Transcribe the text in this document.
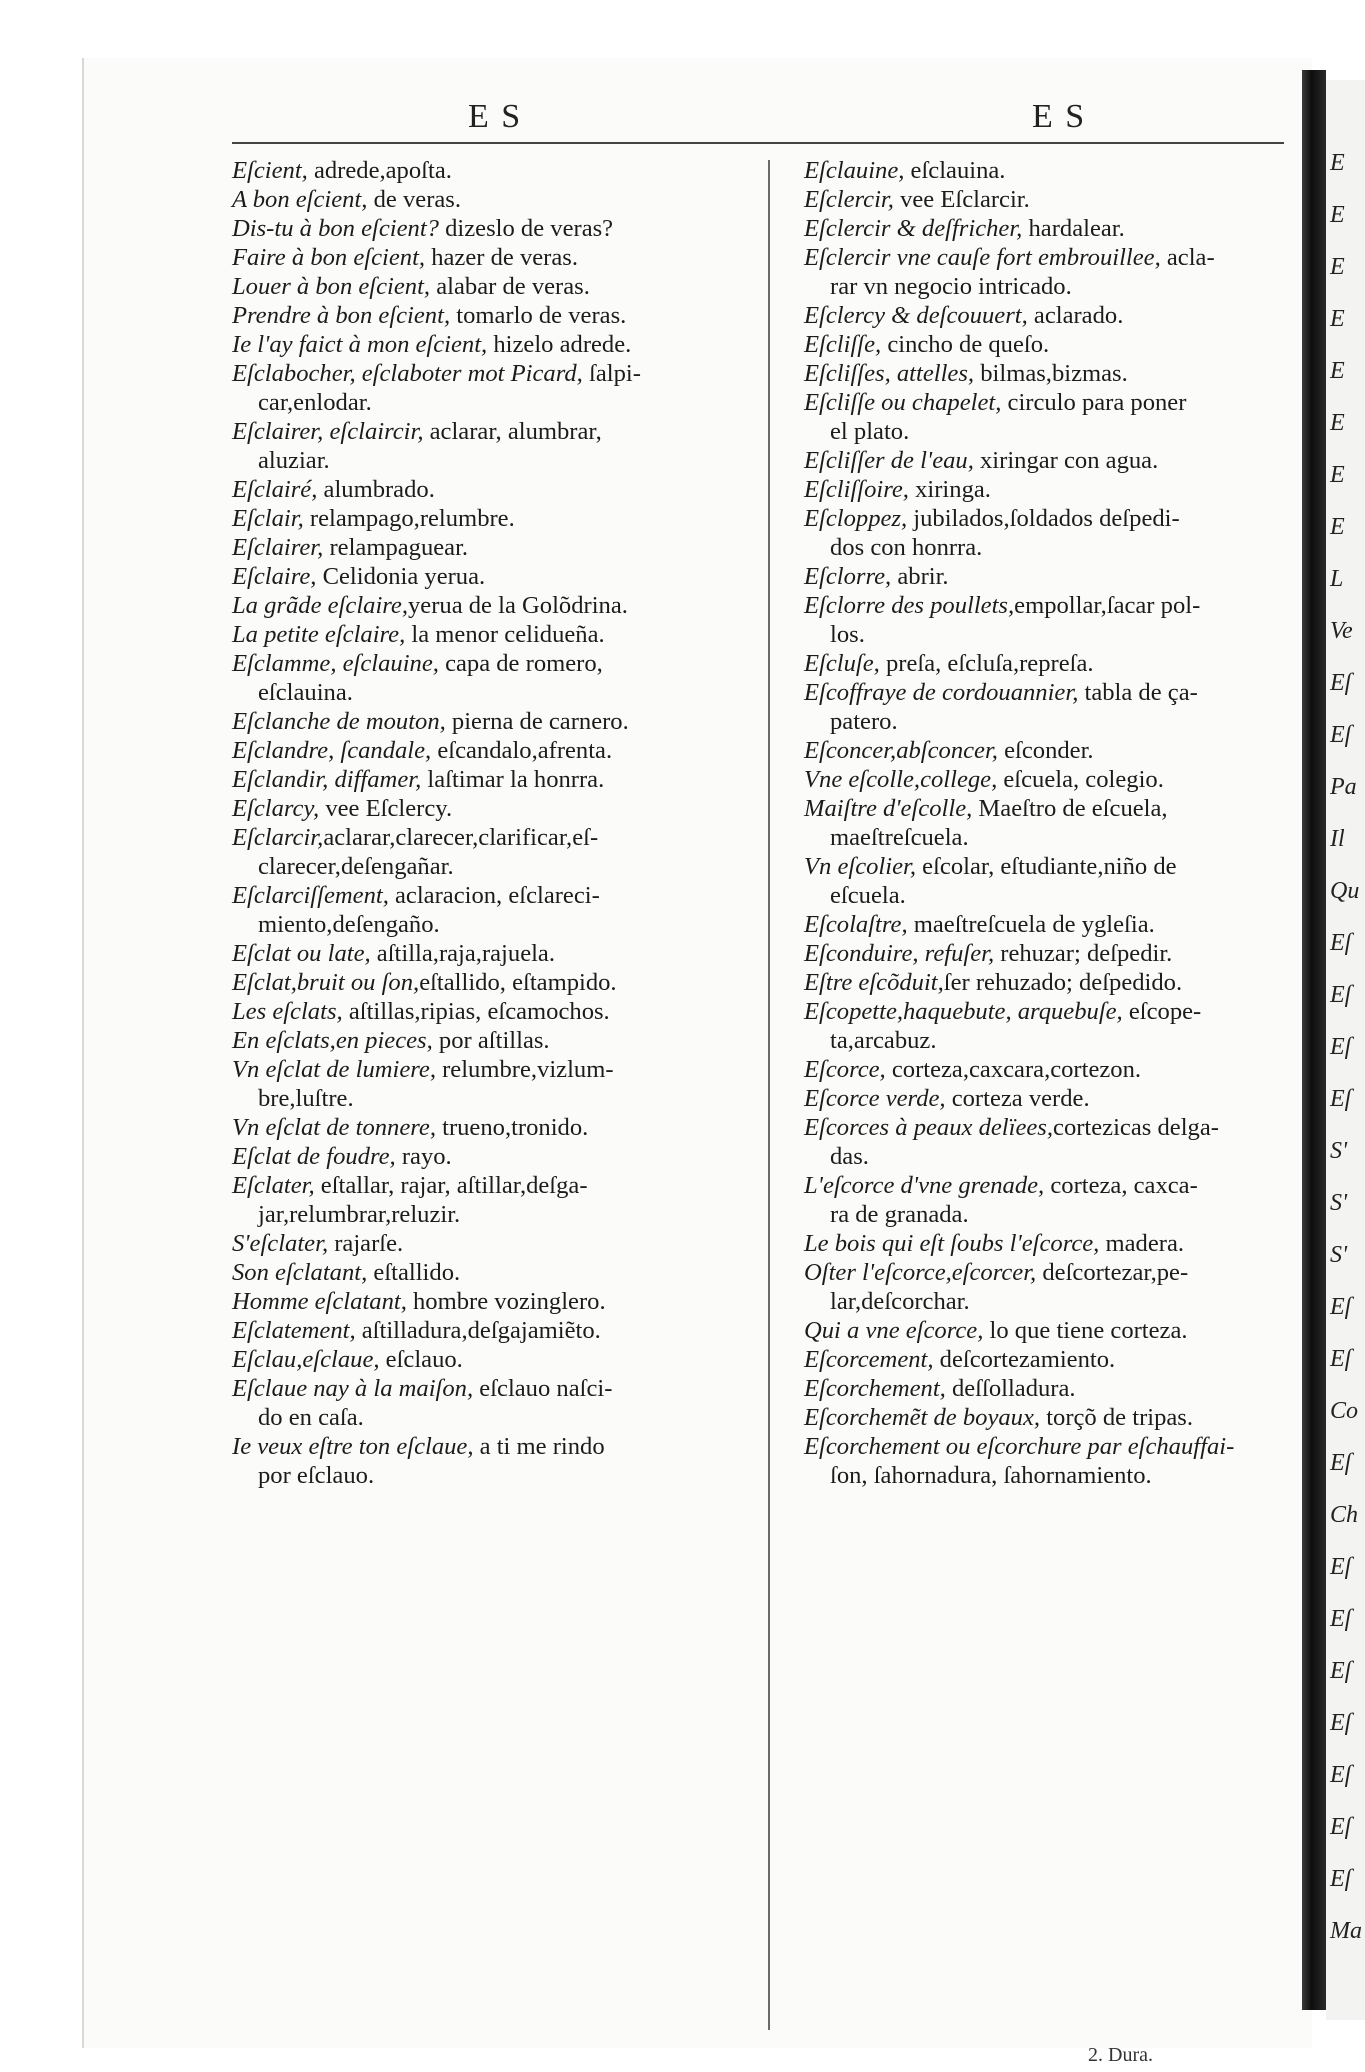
E S	E S

Eſcient, adrede,apoſta.

A bon eſcient, de veras.

Dis-tu à bon eſcient? dizeslo de veras?

Faire à bon eſcient, hazer de veras.

Louer à bon eſcient, alabar de veras.

Prendre à bon eſcient, tomarlo de veras.

Ie l'ay faict à mon eſcient, hizelo adrede.

Eſclabocher, eſclaboter mot Picard, ſalpi-

car,enlodar.

Eſclairer, eſclaircir, aclarar, alumbrar,

aluziar.

Eſclairé, alumbrado.

Eſclair, relampago,relumbre.

Eſclairer, relampaguear.

Eſclaire, Celidonia yerua.

La grãde eſclaire,yerua de la Golõdrina.

La petite eſclaire, la menor celidueña.

Eſclamme, eſclauine, capa de romero,

eſclauina.

Eſclanche de mouton, pierna de carnero.

Eſclandre, ſcandale, eſcandalo,afrenta.

Eſclandir, diffamer, laſtimar la honrra.

Eſclarcy, vee Eſclercy.

Eſclarcir,aclarar,clarecer,clarificar,eſ-

clarecer,deſengañar.

Eſclarciſſement, aclaracion, eſclareci-

miento,deſengaño.

Eſclat ou late, aſtilla,raja,rajuela.

Eſclat,bruit ou ſon,eſtallido, eſtampido.

Les eſclats, aſtillas,ripias, eſcamochos.

En eſclats,en pieces, por aſtillas.

Vn eſclat de lumiere, relumbre,vizlum-

bre,luſtre.

Vn eſclat de tonnere, trueno,tronido.

Eſclat de foudre, rayo.

Eſclater, eſtallar, rajar, aſtillar,deſga-

jar,relumbrar,reluzir.

S'eſclater, rajarſe.

Son eſclatant, eſtallido.

Homme eſclatant, hombre vozinglero.

Eſclatement, aſtilladura,deſgajamiẽto.

Eſclau,eſclaue, eſclauo.

Eſclaue nay à la maiſon, eſclauo naſci-

do en caſa.

Ie veux eſtre ton eſclaue, a ti me rindo

por eſclauo.

Eſclauine, eſclauina.

Eſclercir, vee Eſclarcir.

Eſclercir & deſfricher, hardalear.

Eſclercir vne cauſe fort embrouillee, acla-

rar vn negocio intricado.

Eſclercy & deſcouuert, aclarado.

Eſcliſſe, cincho de queſo.

Eſcliſſes, attelles, bilmas,bizmas.

Eſcliſſe ou chapelet, circulo para poner

el plato.

Eſcliſſer de l'eau, xiringar con agua.

Eſcliſſoire, xiringa.

Eſcloppez, jubilados,ſoldados deſpedi-

dos con honrra.

Eſclorre, abrir.

Eſclorre des poullets,empollar,ſacar pol-

los.

Eſcluſe, preſa, eſcluſa,repreſa.

Eſcoffraye de cordouannier, tabla de ça-

patero.

Eſconcer,abſconcer, eſconder.

Vne eſcolle,college, eſcuela, colegio.

Maiſtre d'eſcolle, Maeſtro de eſcuela,

maeſtreſcuela.

Vn eſcolier, eſcolar, eſtudiante,niño de

eſcuela.

Eſcolaſtre, maeſtreſcuela de ygleſia.

Eſconduire, refuſer, rehuzar; deſpedir.

Eſtre eſcõduit,ſer rehuzado; deſpedido.

Eſcopette,haquebute, arquebuſe, eſcope-

ta,arcabuz.

Eſcorce, corteza,caxcara,cortezon.

Eſcorce verde, corteza verde.

Eſcorces à peaux delïees,cortezicas delga-

das.

L'eſcorce d'vne grenade, corteza, caxca-

ra de granada.

Le bois qui eſt ſoubs l'eſcorce, madera.

Oſter l'eſcorce,eſcorcer, deſcortezar,pe-

lar,deſcorchar.

Qui a vne eſcorce, lo que tiene corteza.

Eſcorcement, deſcortezamiento.

Eſcorchement, deſſolladura.

Eſcorchemẽt de boyaux, torçõ de tripas.

Eſcorchement ou eſcorchure par eſchauffai-

ſon, ſahornadura, ſahornamiento.

2. Dura.
E
E
E
E
E
E
E
E
L
Ve
Eſ
Eſ
Pa
Il
Qu
Eſ
Eſ
Eſ
Eſ
S'
S'
S'
Eſ
Eſ
Co
Eſ
Ch
Eſ
Eſ
Eſ
Eſ
Eſ
Eſ
Eſ
Ma
